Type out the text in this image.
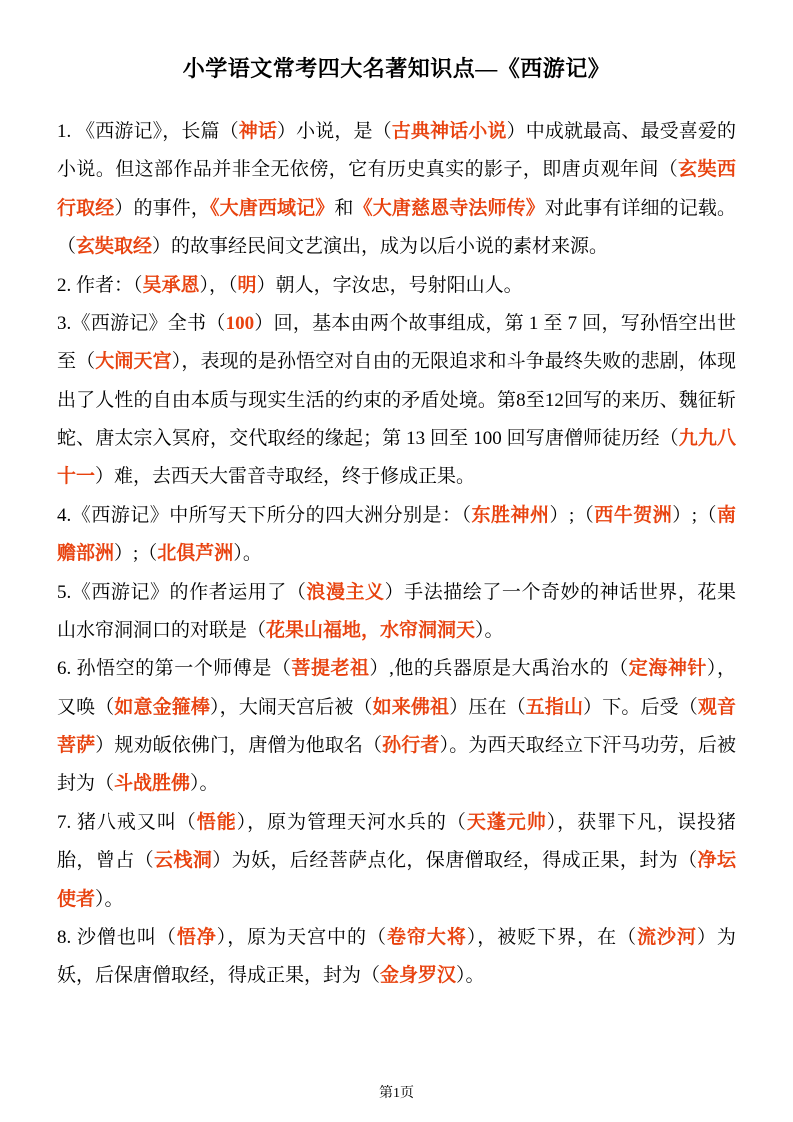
小学语文常考四大名著知识点—《西游记》

1. 《西游记》，长篇（神话）小说，是（古典神话小说）中成就最高、最受喜爱的小说。但这部作品并非全无依傍，它有历史真实的影子，即唐贞观年间（玄奘西行取经）的事件，《大唐西域记》和《大唐慈恩寺法师传》对此事有详细的记载。（玄奘取经）的故事经民间文艺演出，成为以后小说的素材来源。

2. 作者：（吴承恩），（明）朝人，字汝忠，号射阳山人。

3.《西游记》全书（100）回，基本由两个故事组成，第 1 至 7 回，写孙悟空出世至（大闹天宫），表现的是孙悟空对自由的无限追求和斗争最终失败的悲剧，体现出了人性的自由本质与现实生活的约束的矛盾处境。第8至12回写的来历、魏征斩蛇、唐太宗入冥府，交代取经的缘起；第 13 回至 100 回写唐僧师徒历经（九九八十一）难，去西天大雷音寺取经，终于修成正果。

4.《西游记》中所写天下所分的四大洲分别是：（东胜神州）;（西牛贺洲）;（南赡部洲）;（北俱芦洲）。

5.《西游记》的作者运用了（浪漫主义）手法描绘了一个奇妙的神话世界，花果山水帘洞洞口的对联是（花果山福地，水帘洞洞天）。

6. 孙悟空的第一个师傅是（菩提老祖）,他的兵器原是大禹治水的（定海神针），又唤（如意金箍棒），大闹天宫后被（如来佛祖）压在（五指山）下。后受（观音菩萨）规劝皈依佛门，唐僧为他取名（孙行者）。为西天取经立下汗马功劳，后被封为（斗战胜佛）。

7. 猪八戒又叫（悟能），原为管理天河水兵的（天蓬元帅），获罪下凡，误投猪胎，曾占（云栈洞）为妖，后经菩萨点化，保唐僧取经，得成正果，封为（净坛使者）。

8. 沙僧也叫（悟净），原为天宫中的（卷帘大将），被贬下界，在（流沙河）为妖，后保唐僧取经，得成正果，封为（金身罗汉）。

第1页
